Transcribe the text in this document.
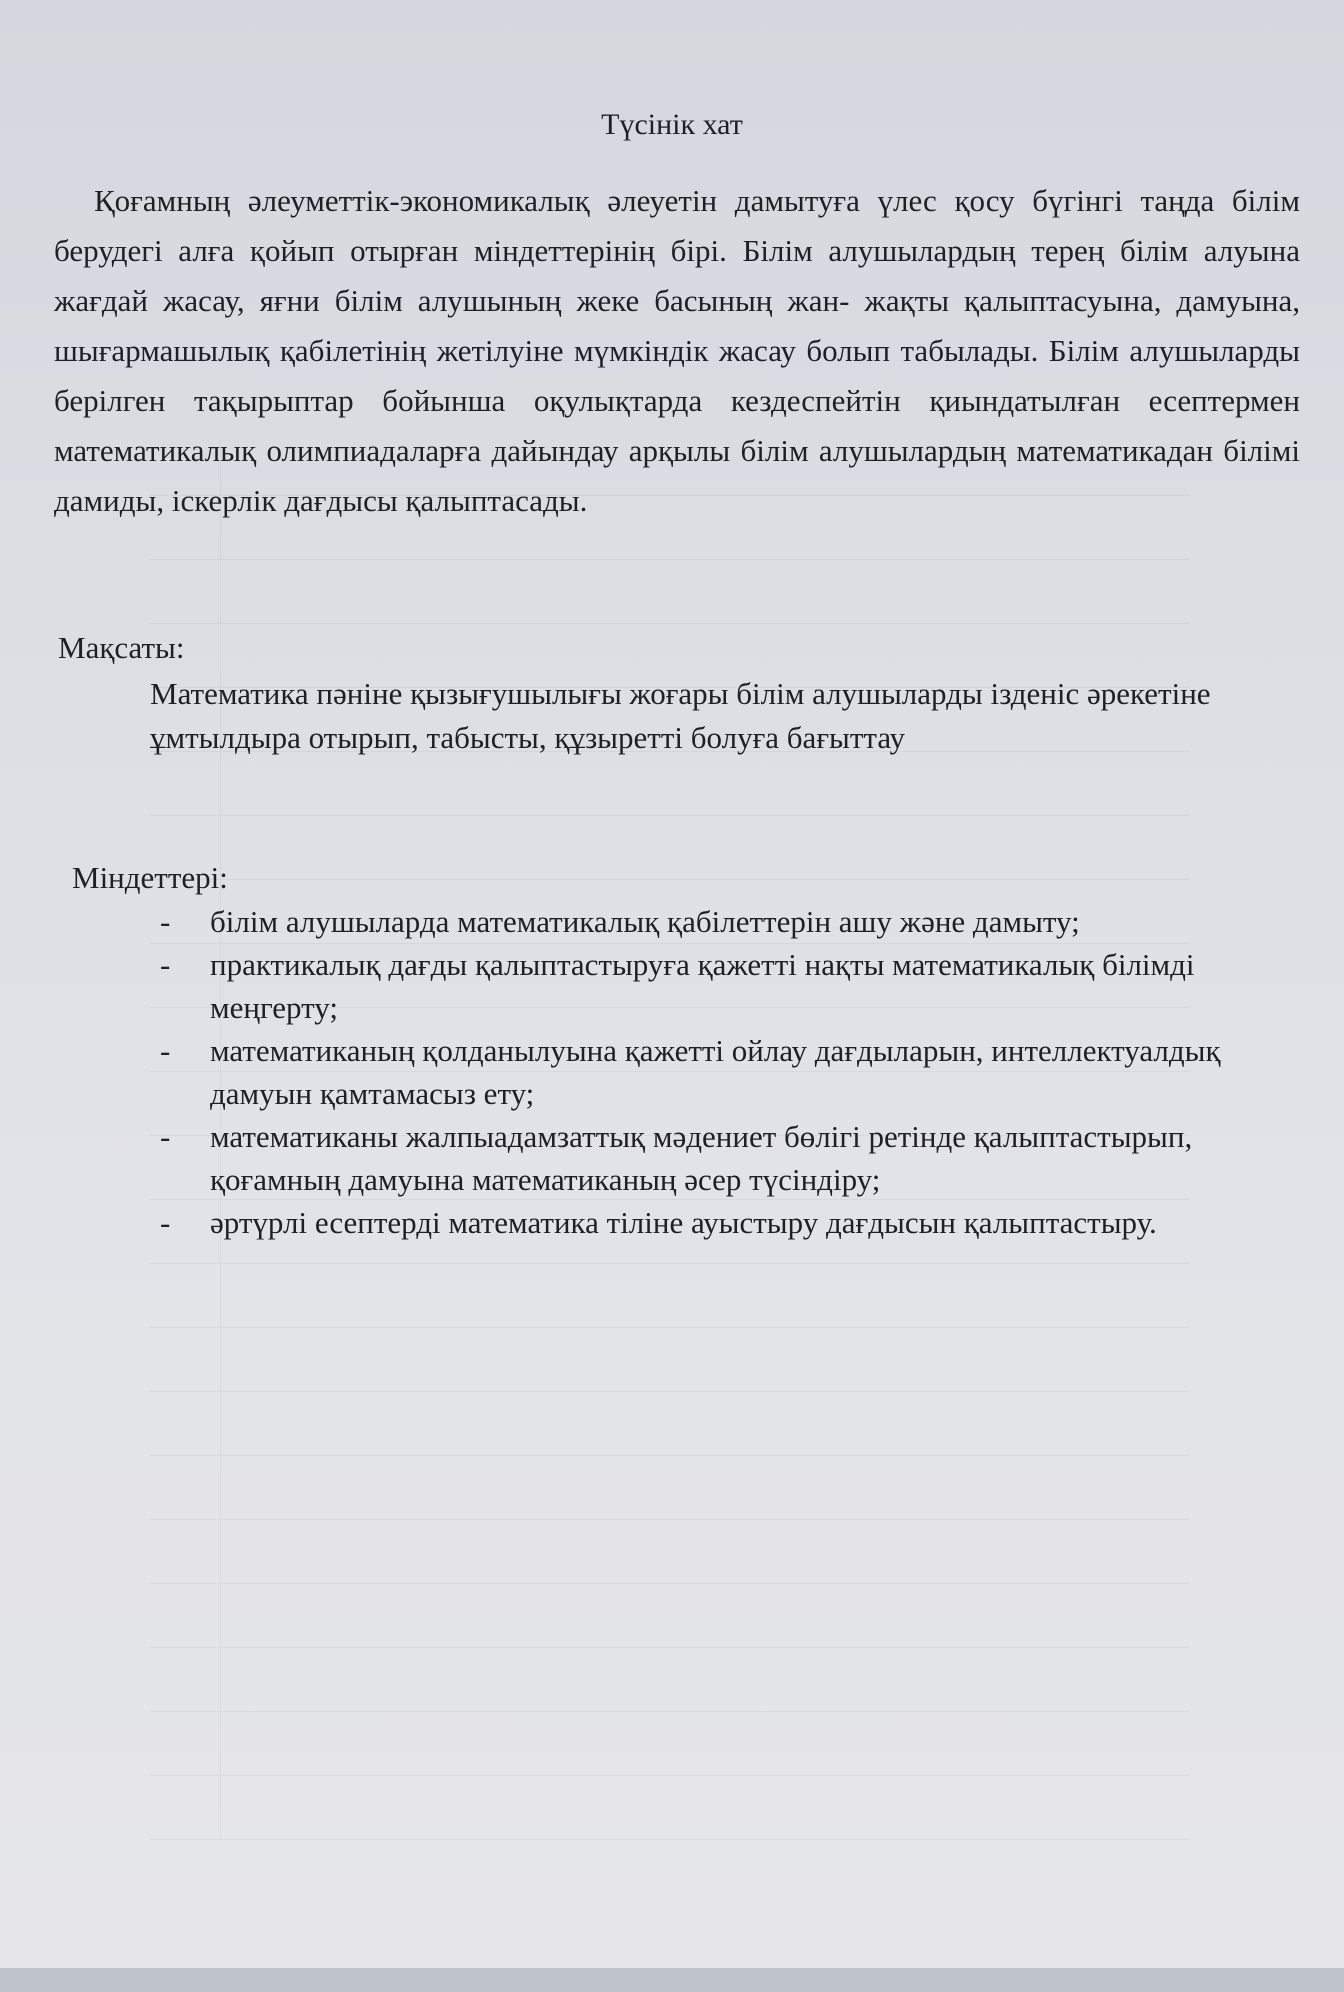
Түсінік хат

Қоғамның әлеуметтік-экономикалық әлеуетін дамытуға үлес қосу бүгінгі таңда білім берудегі алға қойып отырған міндеттерінің бірі. Білім алушылардың терең білім алуына жағдай жасау, яғни білім алушының жеке басының жан- жақты қалыптасуына, дамуына, шығармашылық қабілетінің жетілуіне мүмкіндік жасау болып табылады. Білім алушыларды берілген тақырыптар бойынша оқулықтарда кездеспейтін қиындатылған есептермен математикалық олимпиадаларға дайындау арқылы білім алушылардың математикадан білімі дамиды, іскерлік дағдысы қалыптасады.

Мақсаты:

Математика пәніне қызығушылығы жоғары білім алушыларды ізденіс әрекетіне ұмтылдыра отырып, табысты, құзыретті болуға бағыттау

Міндеттері:
- білім алушыларда математикалық қабілеттерін ашу және дамыту;
- практикалық дағды қалыптастыруға қажетті нақты математикалық білімді меңгерту;
- математиканың қолданылуына қажетті ойлау дағдыларын, интеллектуалдық дамуын қамтамасыз ету;
- математиканы жалпыадамзаттық мәдениет бөлігі ретінде қалыптастырып, қоғамның дамуына математиканың әсер түсіндіру;
- әртүрлі есептерді математика тіліне ауыстыру дағдысын қалыптастыру.
